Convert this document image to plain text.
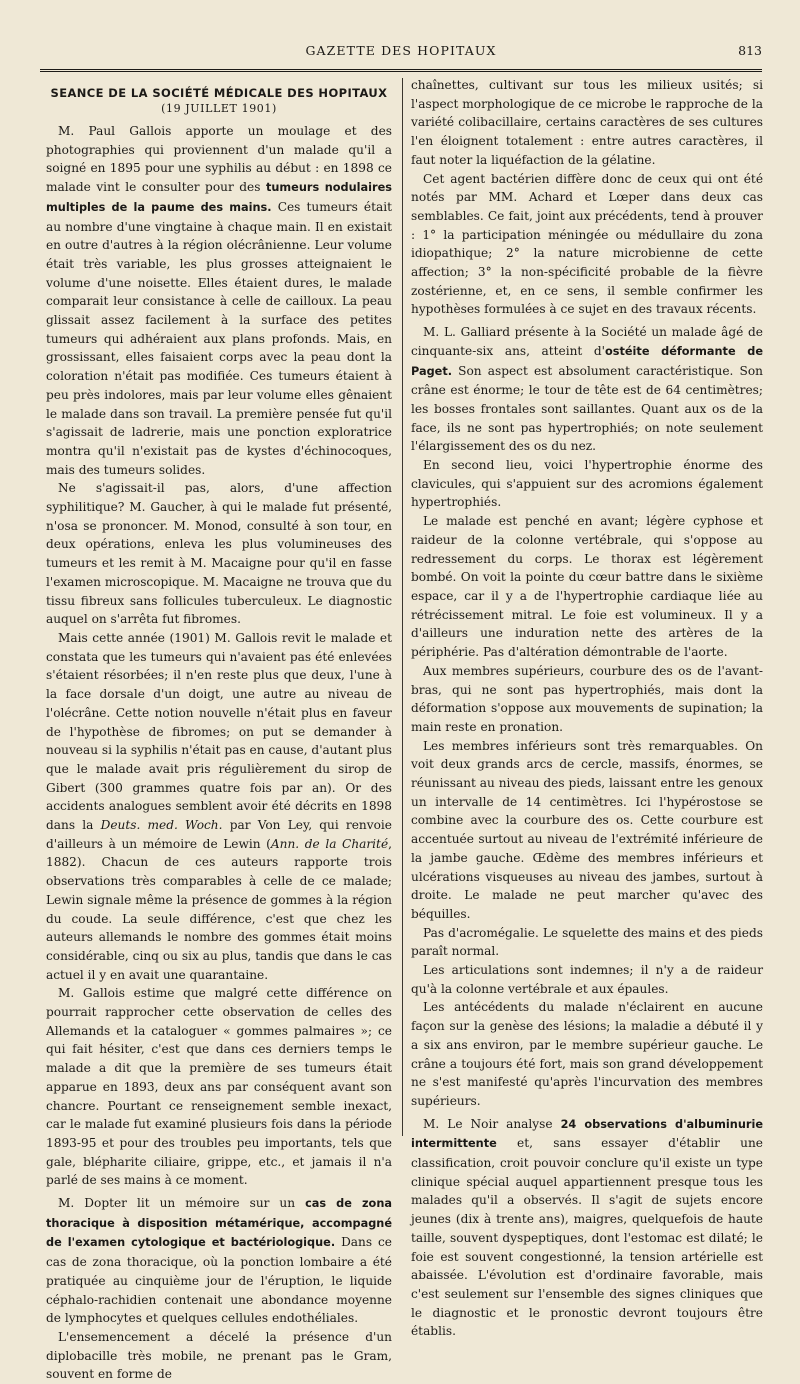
GAZETTE DES HOPITAUX	813
SEANCE DE LA SOCIÉTÉ MÉDICALE DES HOPITAUX
(19 JUILLET 1901)

M. Paul Gallois apporte un moulage et des photographies qui proviennent d'un malade qu'il a soigné en 1895 pour une syphilis au début : en 1898 ce malade vint le consulter pour des tumeurs nodulaires multiples de la paume des mains. Ces tumeurs était au nombre d'une vingtaine à chaque main. Il en existait en outre d'autres à la région olécrânienne. Leur volume était très variable, les plus grosses atteignaient le volume d'une noisette. Elles étaient dures, le malade comparait leur consistance à celle de cailloux. La peau glissait assez facilement à la surface des petites tumeurs qui adhéraient aux plans profonds. Mais, en grossissant, elles faisaient corps avec la peau dont la coloration n'était pas modifiée. Ces tumeurs étaient à peu près indolores, mais par leur volume elles gênaient le malade dans son travail. La première pensée fut qu'il s'agissait de ladrerie, mais une ponction exploratrice montra qu'il n'existait pas de kystes d'échinocoques, mais des tumeurs solides.

Ne s'agissait-il pas, alors, d'une affection syphilitique? M. Gaucher, à qui le malade fut présenté, n'osa se prononcer. M. Monod, consulté à son tour, en deux opérations, enleva les plus volumineuses des tumeurs et les remit à M. Macaigne pour qu'il en fasse l'examen microscopique. M. Macaigne ne trouva que du tissu fibreux sans follicules tuberculeux. Le diagnostic auquel on s'arrêta fut fibromes.

Mais cette année (1901) M. Gallois revit le malade et constata que les tumeurs qui n'avaient pas été enlevées s'étaient résorbées; il n'en reste plus que deux, l'une à la face dorsale d'un doigt, une autre au niveau de l'olécrâne. Cette notion nouvelle n'était plus en faveur de l'hypothèse de fibromes; on put se demander à nouveau si la syphilis n'était pas en cause, d'autant plus que le malade avait pris régulièrement du sirop de Gibert (300 grammes quatre fois par an). Or des accidents analogues semblent avoir été décrits en 1898 dans la Deuts. med. Woch. par Von Ley, qui renvoie d'ailleurs à un mémoire de Lewin (Ann. de la Charité, 1882). Chacun de ces auteurs rapporte trois observations très comparables à celle de ce malade; Lewin signale même la présence de gommes à la région du coude. La seule différence, c'est que chez les auteurs allemands le nombre des gommes était moins considérable, cinq ou six au plus, tandis que dans le cas actuel il y en avait une quarantaine.

M. Gallois estime que malgré cette différence on pourrait rapprocher cette observation de celles des Allemands et la cataloguer « gommes palmaires »; ce qui fait hésiter, c'est que dans ces derniers temps le malade a dit que la première de ses tumeurs était apparue en 1893, deux ans par conséquent avant son chancre. Pourtant ce renseignement semble inexact, car le malade fut examiné plusieurs fois dans la période 1893-95 et pour des troubles peu importants, tels que gale, blépharite ciliaire, grippe, etc., et jamais il n'a parlé de ses mains à ce moment.

M. Dopter lit un mémoire sur un cas de zona thoracique à disposition métamérique, accompagné de l'examen cytologique et bactériologique. Dans ce cas de zona thoracique, où la ponction lombaire a été pratiquée au cinquième jour de l'éruption, le liquide céphalo-rachidien contenait une abondance moyenne de lymphocytes et quelques cellules endothéliales.

L'ensemencement a décelé la présence d'un diplobacille très mobile, ne prenant pas le Gram, souvent en forme de

chaînettes, cultivant sur tous les milieux usités; si l'aspect morphologique de ce microbe le rapproche de la variété colibacillaire, certains caractères de ses cultures l'en éloignent totalement : entre autres caractères, il faut noter la liquéfaction de la gélatine.

Cet agent bactérien diffère donc de ceux qui ont été notés par MM. Achard et Lœper dans deux cas semblables. Ce fait, joint aux précédents, tend à prouver : 1° la participation méningée ou médullaire du zona idiopathique; 2° la nature microbienne de cette affection; 3° la non-spécificité probable de la fièvre zostérienne, et, en ce sens, il semble confirmer les hypothèses formulées à ce sujet en des travaux récents.

M. L. Galliard présente à la Société un malade âgé de cinquante-six ans, atteint d'ostéite déformante de Paget. Son aspect est absolument caractéristique. Son crâne est énorme; le tour de tête est de 64 centimètres; les bosses frontales sont saillantes. Quant aux os de la face, ils ne sont pas hypertrophiés; on note seulement l'élargissement des os du nez.

En second lieu, voici l'hypertrophie énorme des clavicules, qui s'appuient sur des acromions également hypertrophiés.

Le malade est penché en avant; légère cyphose et raideur de la colonne vertébrale, qui s'oppose au redressement du corps. Le thorax est légèrement bombé. On voit la pointe du cœur battre dans le sixième espace, car il y a de l'hypertrophie cardiaque liée au rétrécissement mitral. Le foie est volumineux. Il y a d'ailleurs une induration nette des artères de la périphérie. Pas d'altération démontrable de l'aorte.

Aux membres supérieurs, courbure des os de l'avant-bras, qui ne sont pas hypertrophiés, mais dont la déformation s'oppose aux mouvements de supination; la main reste en pronation.

Les membres inférieurs sont très remarquables. On voit deux grands arcs de cercle, massifs, énormes, se réunissant au niveau des pieds, laissant entre les genoux un intervalle de 14 centimètres. Ici l'hypérostose se combine avec la courbure des os. Cette courbure est accentuée surtout au niveau de l'extrémité inférieure de la jambe gauche. Œdème des membres inférieurs et ulcérations visqueuses au niveau des jambes, surtout à droite. Le malade ne peut marcher qu'avec des béquilles.

Pas d'acromégalie. Le squelette des mains et des pieds paraît normal.

Les articulations sont indemnes; il n'y a de raideur qu'à la colonne vertébrale et aux épaules.

Les antécédents du malade n'éclairent en aucune façon sur la genèse des lésions; la maladie a débuté il y a six ans environ, par le membre supérieur gauche. Le crâne a toujours été fort, mais son grand développement ne s'est manifesté qu'après l'incurvation des membres supérieurs.

M. Le Noir analyse 24 observations d'albuminurie intermittente et, sans essayer d'établir une classification, croit pouvoir conclure qu'il existe un type clinique spécial auquel appartiennent presque tous les malades qu'il a observés. Il s'agit de sujets encore jeunes (dix à trente ans), maigres, quelquefois de haute taille, souvent dyspeptiques, dont l'estomac est dilaté; le foie est souvent congestionné, la tension artérielle est abaissée. L'évolution est d'ordinaire favorable, mais c'est seulement sur l'ensemble des signes cliniques que le diagnostic et le pronostic devront toujours être établis.
